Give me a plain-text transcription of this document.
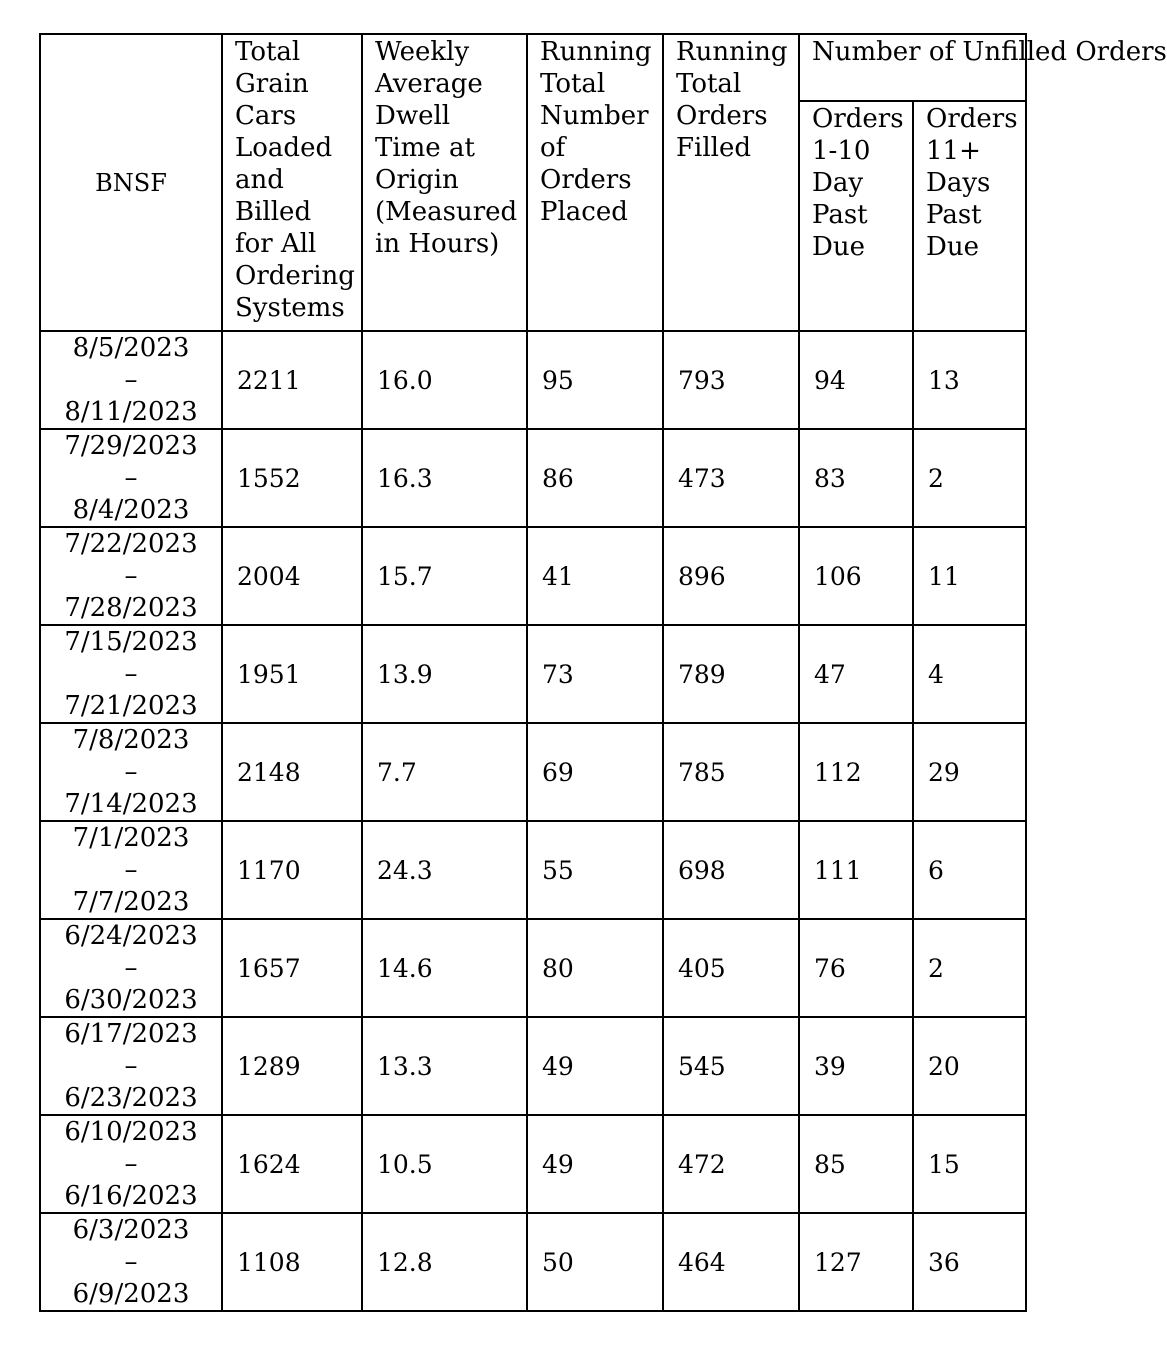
BNSF	Total Grain Cars Loaded and Billed for All Ordering Systems	Weekly Average Dwell Time at Origin (Measured in Hours)	Running Total Number of Orders Placed	Running Total Orders Filled	Number of Unfilled Orders	
					Orders 1-10 Day Past Due	Orders 11+ Days Past Due

8/5/2023
–
8/11/2023	2211	16.0	95	793	94	13

7/29/2023
–
8/4/2023	1552	16.3	86	473	83	2

7/22/2023
–
7/28/2023	2004	15.7	41	896	106	11

7/15/2023
–
7/21/2023	1951	13.9	73	789	47	4

7/8/2023
–
7/14/2023	2148	7.7	69	785	112	29

7/1/2023
–
7/7/2023	1170	24.3	55	698	111	6

6/24/2023
–
6/30/2023	1657	14.6	80	405	76	2

6/17/2023
–
6/23/2023	1289	13.3	49	545	39	20

6/10/2023
–
6/16/2023	1624	10.5	49	472	85	15

6/3/2023
–
6/9/2023	1108	12.8	50	464	127	36
